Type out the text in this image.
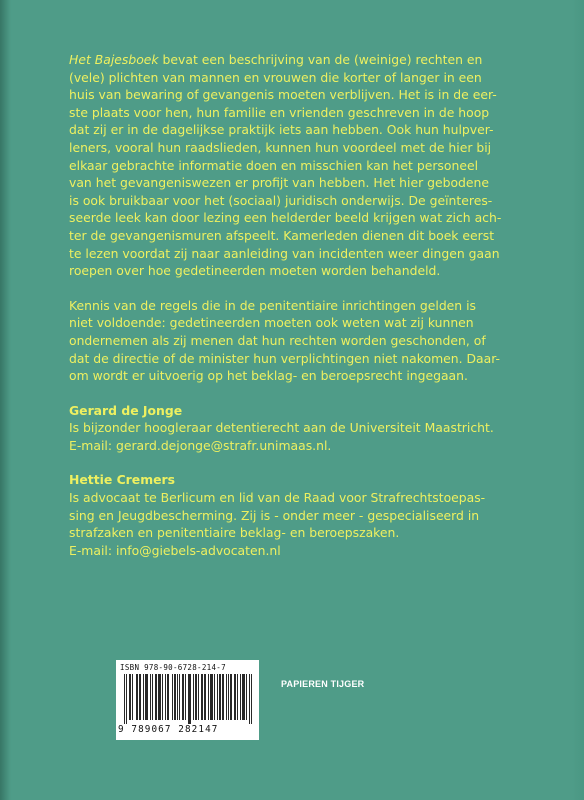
Het Bajesboek bevat een beschrijving van de (weinige) rechten en
(vele) plichten van mannen en vrouwen die korter of langer in een
huis van bewaring of gevangenis moeten verblijven. Het is in de eer-
ste plaats voor hen, hun familie en vrienden geschreven in de hoop
dat zij er in de dagelijkse praktijk iets aan hebben. Ook hun hulpver-
leners, vooral hun raadslieden, kunnen hun voordeel met de hier bij
elkaar gebrachte informatie doen en misschien kan het personeel
van het gevangeniswezen er profijt van hebben. Het hier gebodene
is ook bruikbaar voor het (sociaal) juridisch onderwijs. De geïnteres-
seerde leek kan door lezing een helderder beeld krijgen wat zich ach-
ter de gevangenismuren afspeelt. Kamerleden dienen dit boek eerst
te lezen voordat zij naar aanleiding van incidenten weer dingen gaan
roepen over hoe gedetineerden moeten worden behandeld.
Kennis van de regels die in de penitentiaire inrichtingen gelden is
niet voldoende: gedetineerden moeten ook weten wat zij kunnen
ondernemen als zij menen dat hun rechten worden geschonden, of
dat de directie of de minister hun verplichtingen niet nakomen. Daar-
om wordt er uitvoerig op het beklag- en beroepsrecht ingegaan.
Gerard de Jonge
Is bijzonder hoogleraar detentierecht aan de Universiteit Maastricht.
E-mail: gerard.dejonge@strafr.unimaas.nl.
Hettie Cremers
Is advocaat te Berlicum en lid van de Raad voor Strafrechtstoepas-
sing en Jeugdbescherming. Zij is - onder meer - gespecialiseerd in
strafzaken en penitentiaire beklag- en beroepszaken.
E-mail: info@giebels-advocaten.nl
ISBN 978-90-6728-214-7
9 789067 282147
PAPIEREN TIJGER
